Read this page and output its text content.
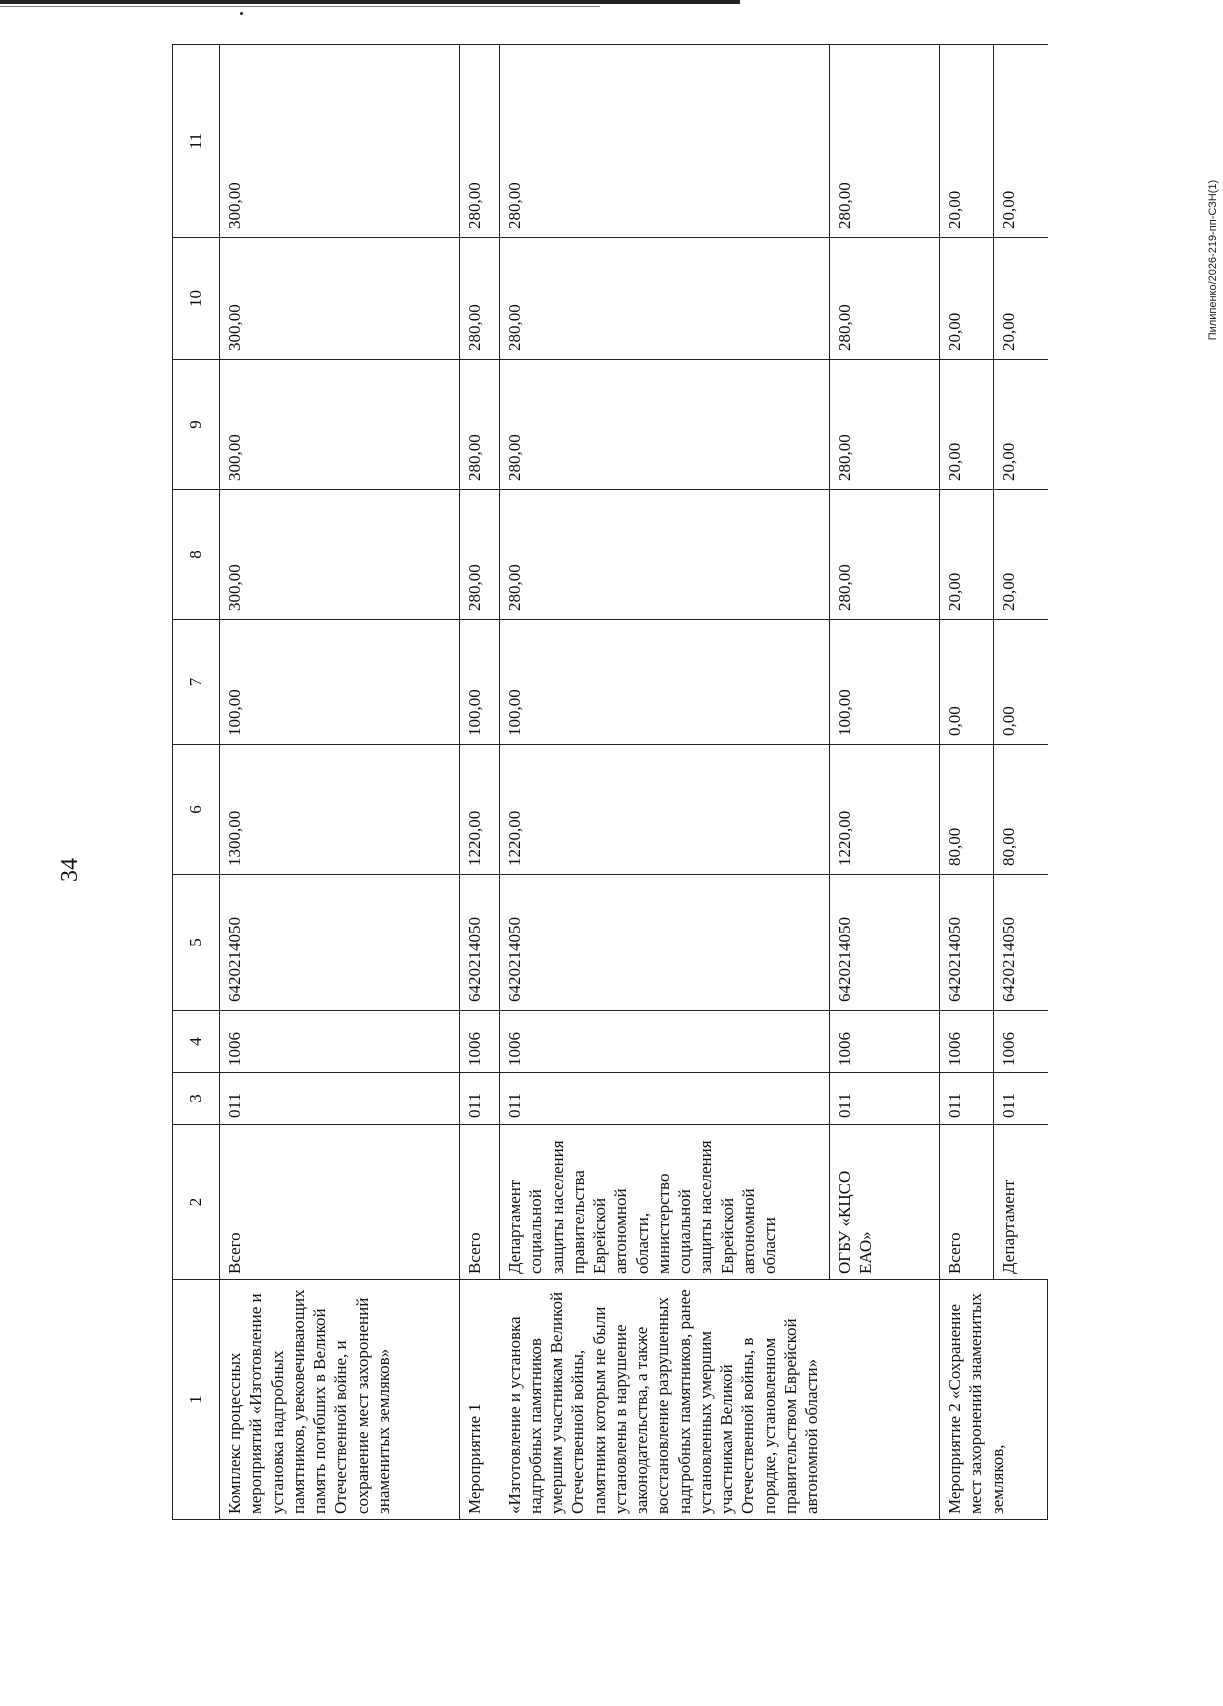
34
Пилипенко/2026-219-пп-СЗН(1)
1	2	3	4	5	6	7	8	9	10	11
Комплекс процессных мероприятий «Изготовление и установка надгробных памятников, увековечивающих память погибших в Великой Отечественной войне, и сохранение мест захоронений знаменитых земляков»	Всего	011	1006	6420214050	1300,00	100,00	300,00	300,00	300,00	300,00
Мероприятие 1	Всего	011	1006	6420214050	1220,00	100,00	280,00	280,00	280,00	280,00
«Изготовление и установка надгробных памятников умершим участникам Великой Отечественной войны, памятники которым не были установлены в нарушение законодательства, а также восстановление разрушенных надгробных памятников, ранее установленных умершим участникам Великой Отечественной войны, в порядке, установленном правительством Еврейской автономной области»	Департамент социальной защиты населения правительства Еврейской автономной области, министерство социальной защиты населения Еврейской автономной области	011	1006	6420214050	1220,00	100,00	280,00	280,00	280,00	280,00
	ОГБУ «КЦСО ЕАО»	011	1006	6420214050	1220,00	100,00	280,00	280,00	280,00	280,00
Мероприятие 2 «Сохранение мест захоронений знаменитых земляков,	Всего	011	1006	6420214050	80,00	0,00	20,00	20,00	20,00	20,00
	Департамент	011	1006	6420214050	80,00	0,00	20,00	20,00	20,00	20,00
